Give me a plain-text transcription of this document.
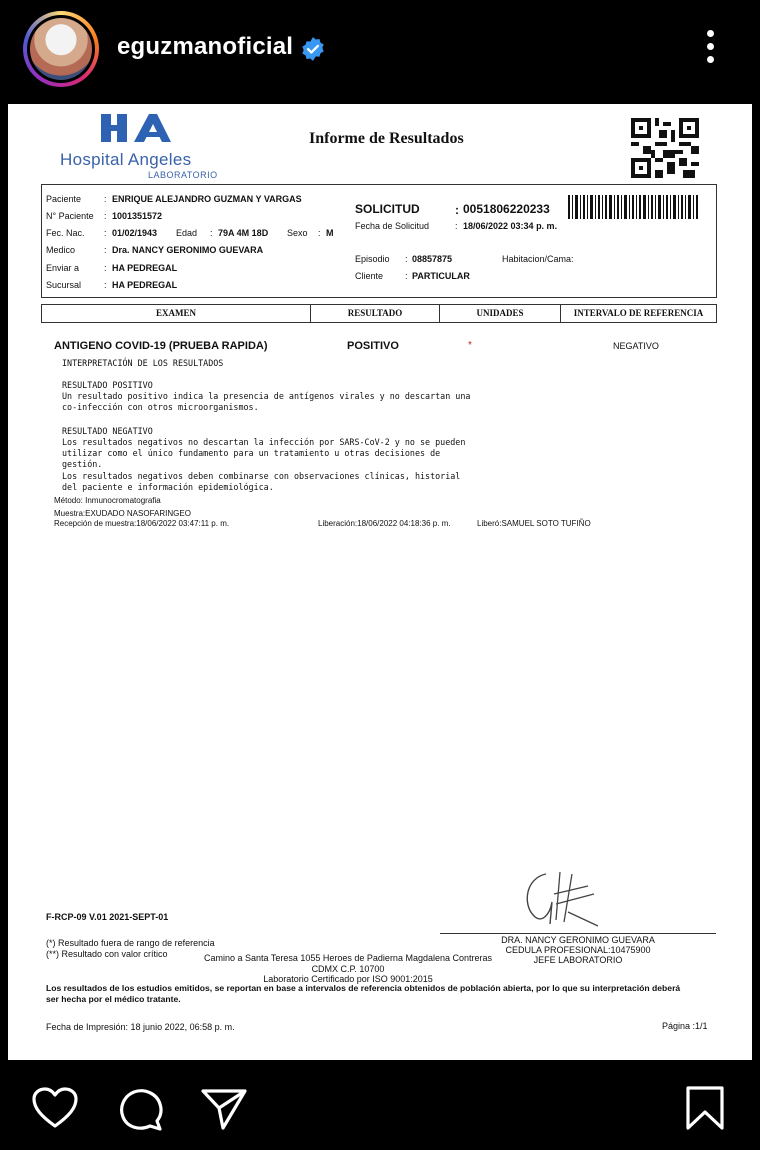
eguzmanoficial
Hospital Angeles
LABORATORIO
Informe de Resultados
Paciente	: ENRIQUE ALEJANDRO GUZMAN Y VARGAS
N° Paciente : 1001351572
Fec. Nac. : 01/02/1943 Edad : 79A 4M 18D Sexo : M
Medico	: Dra. NANCY GERONIMO GUEVARA
Enviar a	: HA PEDREGAL
Sucursal	: HA PEDREGAL
SOLICITUD	: 0051806220233
Fecha de Solicitud	: 18/06/2022 03:34 p. m.
Episodio : 08857875	Habitacion/Cama:
Cliente : PARTICULAR
EXAMEN	RESULTADO	UNIDADES	INTERVALO DE REFERENCIA
ANTIGENO COVID-19 (PRUEBA RAPIDA)	POSITIVO	*	NEGATIVO
INTERPRETACIÓN DE LOS RESULTADOS
RESULTADO POSITIVO
Un resultado positivo indica la presencia de antígenos virales y no descartan una
co-infección con otros microorganismos.
RESULTADO NEGATIVO
Los resultados negativos no descartan la infección por SARS-CoV-2 y no se pueden
utilizar como el único fundamento para un tratamiento u otras decisiones de
gestión.
Los resultados negativos deben combinarse con observaciones clínicas, historial
del paciente e información epidemiológica.
Método: Inmunocromatografia
Muestra:EXUDADO NASOFARINGEO
Recepción de muestra:18/06/2022 03:47:11 p. m.	Liberación:18/06/2022 04:18:36 p. m.	Liberó:SAMUEL SOTO TUFIÑO
F-RCP-09 V.01 2021-SEPT-01
DRA. NANCY GERONIMO GUEVARA
CEDULA PROFESIONAL:10475900
JEFE LABORATORIO
(*) Resultado fuera de rango de referencia
(**) Resultado con valor crítico	Camino a Santa Teresa 1055 Heroes de Padierna Magdalena Contreras
CDMX C.P. 10700
Laboratorio Certificado por ISO 9001:2015
Los resultados de los estudios emitidos, se reportan en base a intervalos de referencia obtenidos de población abierta, por lo que su interpretación deberá ser hecha por el médico tratante.
Fecha de Impresión: 18 junio 2022, 06:58 p. m.	Página :1/1
